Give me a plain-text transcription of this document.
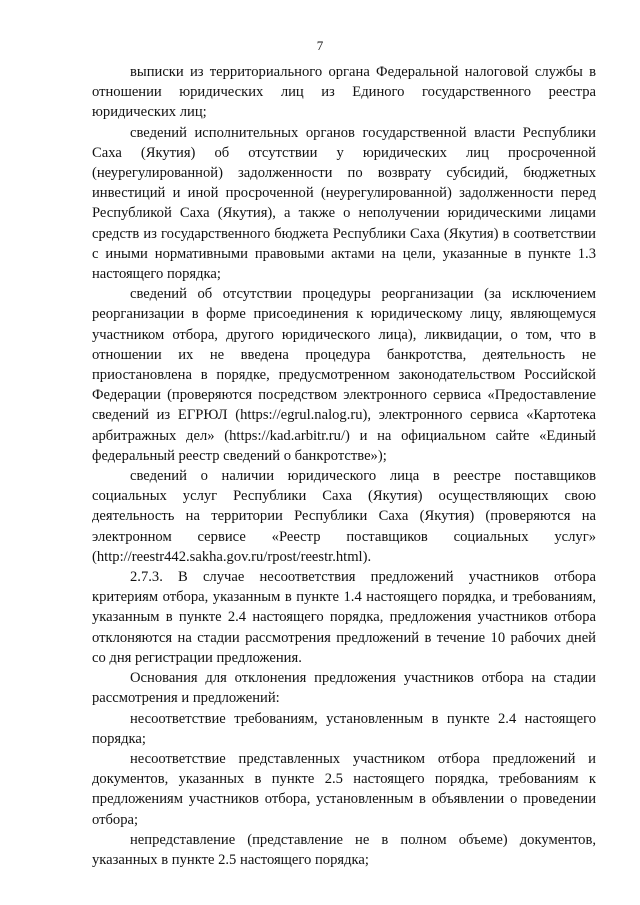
7

выписки из территориального органа Федеральной налоговой службы в отношении юридических лиц из Единого государственного реестра юридических лиц;

сведений исполнительных органов государственной власти Республики Саха (Якутия) об отсутствии у юридических лиц просроченной (неурегулированной) задолженности по возврату субсидий, бюджетных инвестиций и иной просроченной (неурегулированной) задолженности перед Республикой Саха (Якутия), а также о неполучении юридическими лицами средств из государственного бюджета Республики Саха (Якутия) в соответствии с иными нормативными правовыми актами на цели, указанные в пункте 1.3 настоящего порядка;

сведений об отсутствии процедуры реорганизации (за исключением реорганизации в форме присоединения к юридическому лицу, являющемуся участником отбора, другого юридического лица), ликвидации, о том, что в отношении их не введена процедура банкротства, деятельность не приостановлена в порядке, предусмотренном законодательством Российской Федерации (проверяются посредством электронного сервиса «Предоставление сведений из ЕГРЮЛ (https://egrul.nalog.ru), электронного сервиса «Картотека арбитражных дел» (https://kad.arbitr.ru/) и на официальном сайте «Единый федеральный реестр сведений о банкротстве»);

сведений о наличии юридического лица в реестре поставщиков социальных услуг Республики Саха (Якутия) осуществляющих свою деятельность на территории Республики Саха (Якутия) (проверяются на электронном сервисе «Реестр поставщиков социальных услуг» (http://reestr442.sakha.gov.ru/rpost/reestr.html).

2.7.3. В случае несоответствия предложений участников отбора критериям отбора, указанным в пункте 1.4 настоящего порядка, и требованиям, указанным в пункте 2.4 настоящего порядка, предложения участников отбора отклоняются на стадии рассмотрения предложений в течение 10 рабочих дней со дня регистрации предложения.

Основания для отклонения предложения участников отбора на стадии рассмотрения и предложений:

несоответствие требованиям, установленным в пункте 2.4 настоящего порядка;

несоответствие представленных участником отбора предложений и документов, указанных в пункте 2.5 настоящего порядка, требованиям к предложениям участников отбора, установленным в объявлении о проведении отбора;

непредставление (представление не в полном объеме) документов, указанных в пункте 2.5 настоящего порядка;
